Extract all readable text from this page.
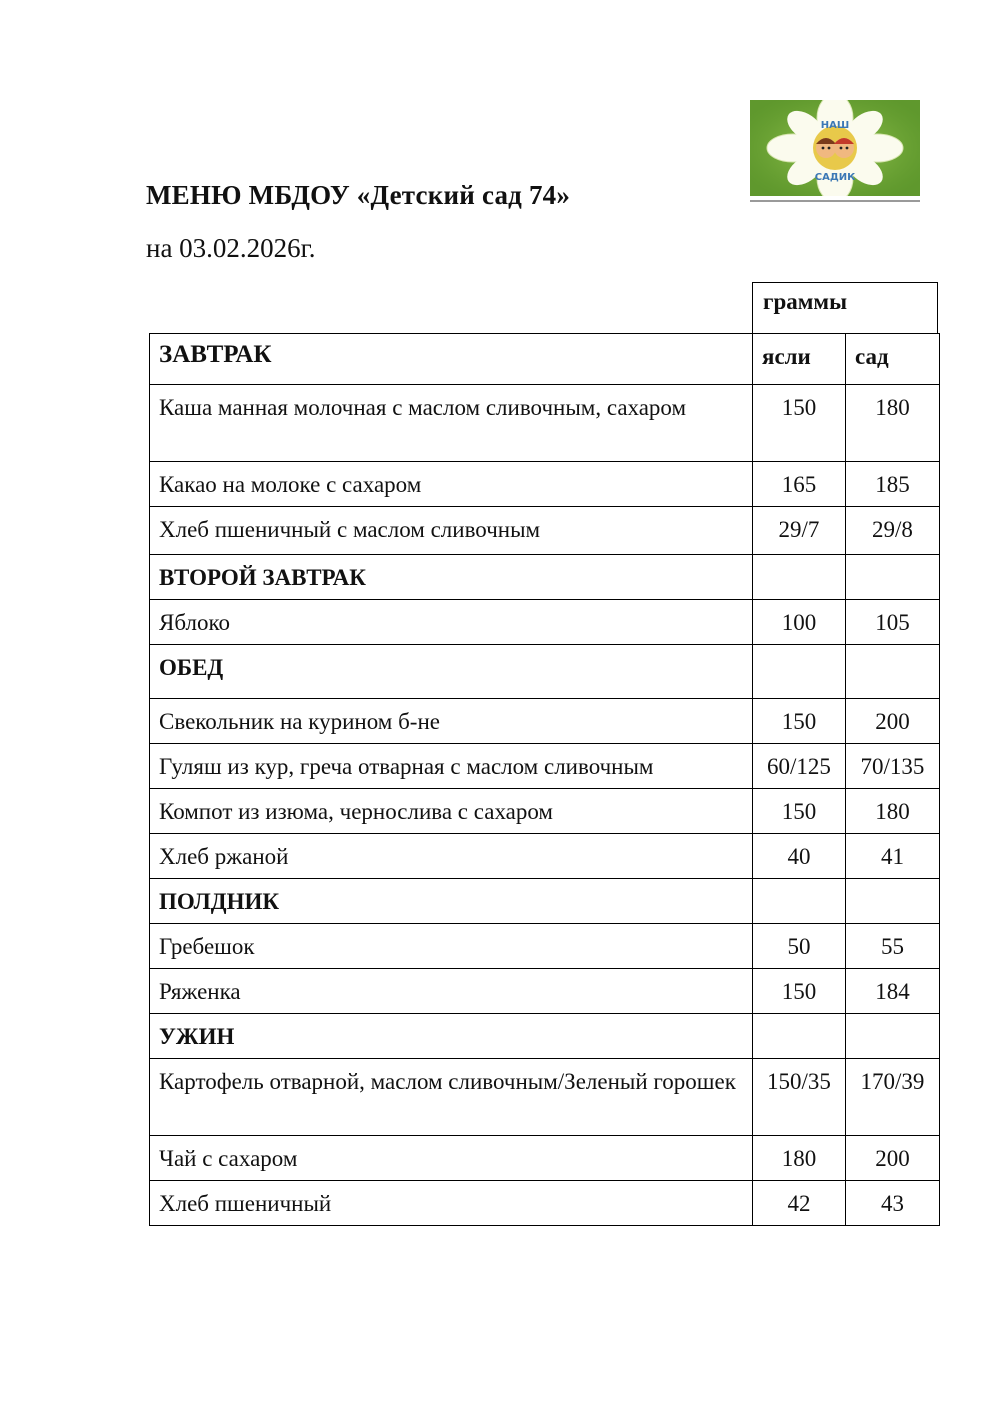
МЕНЮ МБДОУ «Детский сад 74»
на 03.02.2026г.
НАШ
САДИК
граммы
ЗАВТРАК	ясли	сад
Каша манная молочная с маслом сливочным, сахаром	150	180
Какао на молоке с сахаром	165	185
Хлеб пшеничный с маслом сливочным	29/7	29/8
ВТОРОЙ ЗАВТРАК		
Яблоко	100	105
ОБЕД		
Свекольник на курином б-не	150	200
Гуляш из кур, греча отварная с маслом сливочным	60/125	70/135
Компот из изюма, чернослива с сахаром	150	180
Хлеб ржаной	40	41
ПОЛДНИК		
Гребешок	50	55
Ряженка	150	184
УЖИН		
Картофель отварной, маслом сливочным/Зеленый горошек	150/35	170/39
Чай с сахаром	180	200
Хлеб пшеничный	42	43
